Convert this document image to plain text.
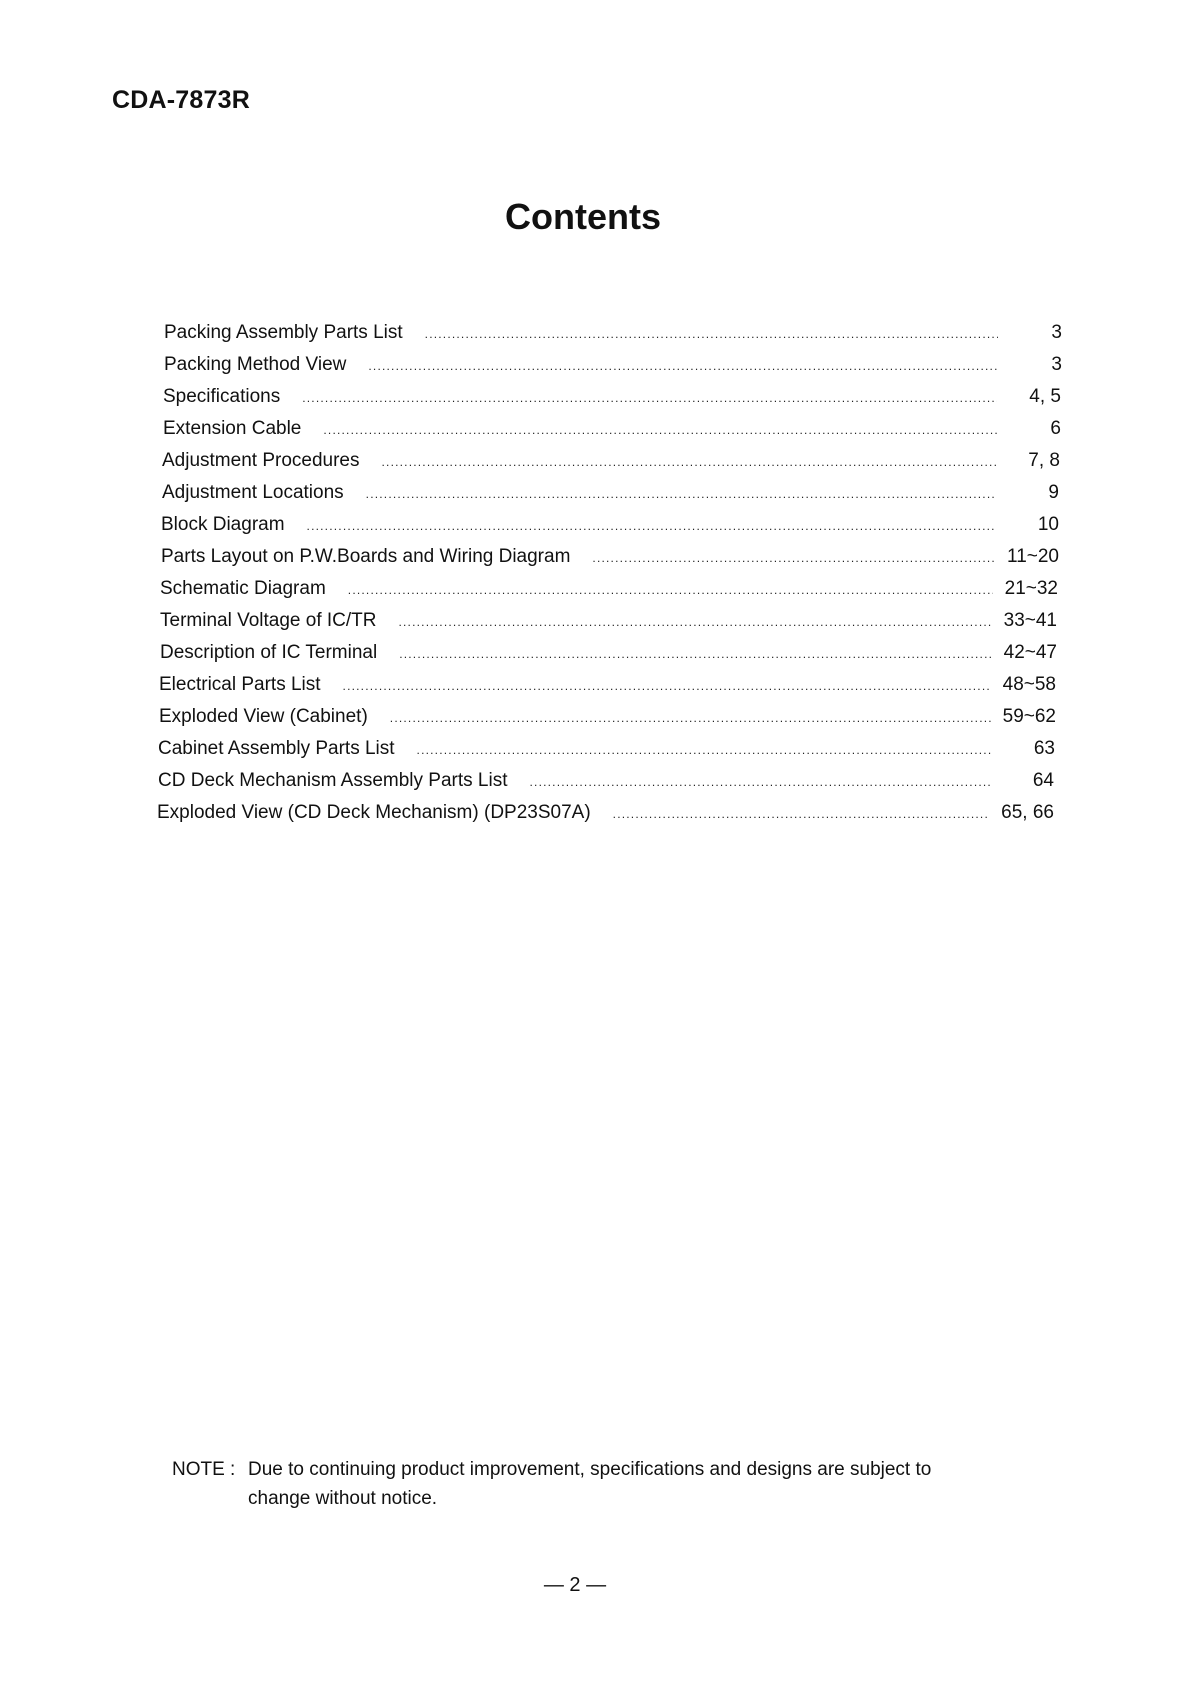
CDA-7873R
Contents
Packing Assembly Parts List .....	3
Packing Method View .....	3
Specifications .....	4, 5
Extension Cable .....	6
Adjustment Procedures .....	7, 8
Adjustment Locations .....	9
Block Diagram .....	10
Parts Layout on P.W.Boards and Wiring Diagram .....	11~20
Schematic Diagram .....	21~32
Terminal Voltage of IC/TR .....	33~41
Description of IC Terminal .....	42~47
Electrical Parts List .....	48~58
Exploded View (Cabinet) .....	59~62
Cabinet Assembly Parts List .....	63
CD Deck Mechanism Assembly Parts List .....	64
Exploded View (CD Deck Mechanism) (DP23S07A) .....	65, 66
NOTE : Due to continuing product improvement, specifications and designs are subject to change without notice.
— 2 —
